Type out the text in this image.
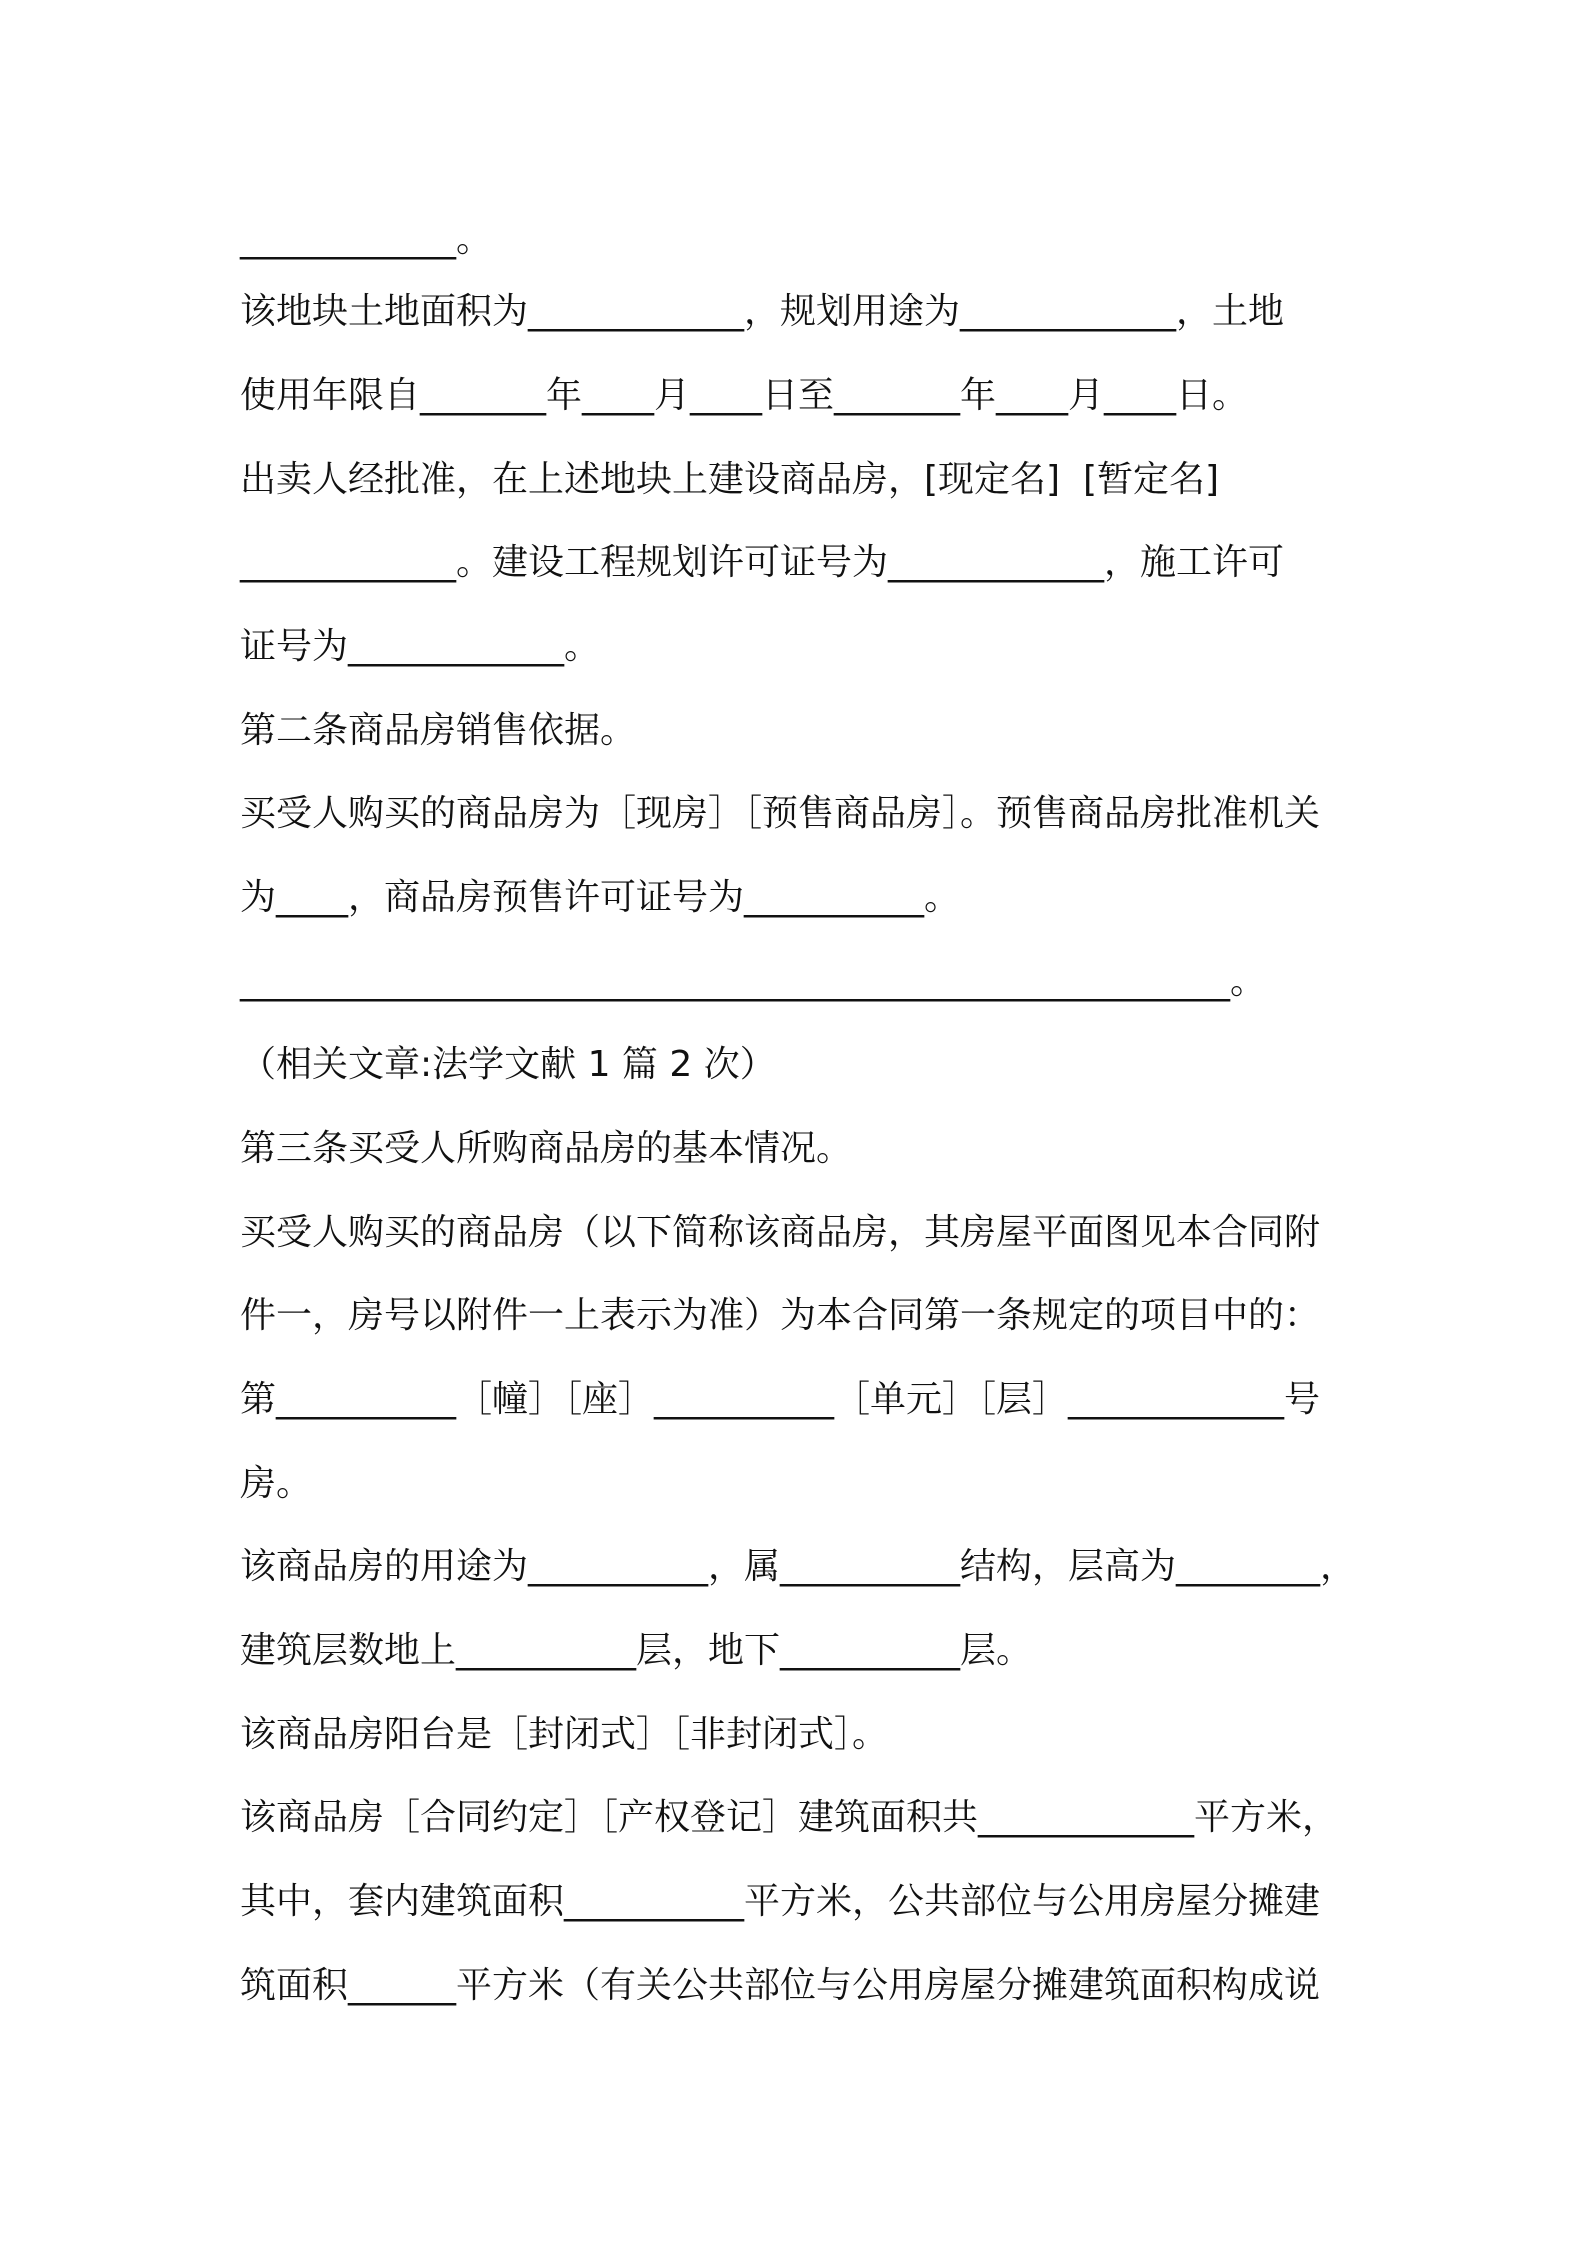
____________。
该地块土地面积为____________，规划用途为____________，土地
使用年限自_______年____月____日至_______年____月____日。
出卖人经批准，在上述地块上建设商品房，[现定名]  [暂定名]
____________。建设工程规划许可证号为____________，施工许可
证号为____________。
第二条商品房销售依据。
买受人购买的商品房为［现房］［预售商品房］。预售商品房批准机关
为____，商品房预售许可证号为__________。
_______________________________________________________。
（相关文章:法学文献 1 篇 2 次）
第三条买受人所购商品房的基本情况。
买受人购买的商品房（以下简称该商品房，其房屋平面图见本合同附
件一，房号以附件一上表示为准）为本合同第一条规定的项目中的：
第__________［幢］［座］__________［单元］［层］____________号
房。
该商品房的用途为__________，属__________结构，层高为________，
建筑层数地上__________层，地下__________层。
该商品房阳台是［封闭式］［非封闭式］。
该商品房［合同约定］［产权登记］建筑面积共____________平方米，
其中，套内建筑面积__________平方米，公共部位与公用房屋分摊建
筑面积______平方米（有关公共部位与公用房屋分摊建筑面积构成说
